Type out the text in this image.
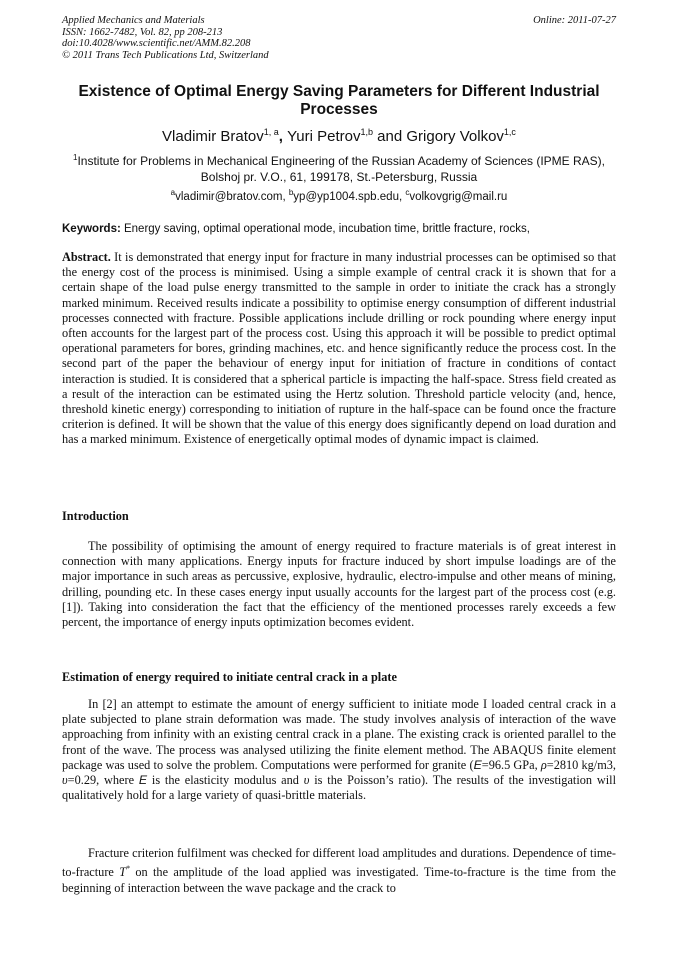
Applied Mechanics and Materials
ISSN: 1662-7482, Vol. 82, pp 208-213
doi:10.4028/www.scientific.net/AMM.82.208
© 2011 Trans Tech Publications Ltd, Switzerland
Online: 2011-07-27
Existence of Optimal Energy Saving Parameters for Different Industrial Processes
Vladimir Bratov$^{1, a}$, Yuri Petrov$^{1,b}$ and Grigory Volkov$^{1,c}$
$^1$Institute for Problems in Mechanical Engineering of the Russian Academy of Sciences (IPME RAS), Bolshoj pr. V.O., 61, 199178, St.-Petersburg, Russia
$^a$vladimir@bratov.com, $^b$yp@yp1004.spb.edu, $^c$volkovgrig@mail.ru
Keywords: Energy saving, optimal operational mode, incubation time, brittle fracture, rocks,
Abstract. It is demonstrated that energy input for fracture in many industrial processes can be optimised so that the energy cost of the process is minimised. Using a simple example of central crack it is shown that for a certain shape of the load pulse energy transmitted to the sample in order to initiate the crack has a strongly marked minimum. Received results indicate a possibility to optimise energy consumption of different industrial processes connected with fracture. Possible applications include drilling or rock pounding where energy input often accounts for the largest part of the process cost. Using this approach it will be possible to predict optimal operational parameters for bores, grinding machines, etc. and hence significantly reduce the process cost. In the second part of the paper the behaviour of energy input for initiation of fracture in conditions of contact interaction is studied. It is considered that a spherical particle is impacting the half-space. Stress field created as a result of the interaction can be estimated using the Hertz solution. Threshold particle velocity (and, hence, threshold kinetic energy) corresponding to initiation of rupture in the half-space can be found once the fracture criterion is defined. It will be shown that the value of this energy does significantly depend on load duration and has a marked minimum. Existence of energetically optimal modes of dynamic impact is claimed.
Introduction
The possibility of optimising the amount of energy required to fracture materials is of great interest in connection with many applications. Energy inputs for fracture induced by short impulse loadings are of the major importance in such areas as percussive, explosive, hydraulic, electro-impulse and other means of mining, drilling, pounding etc. In these cases energy input usually accounts for the largest part of the process cost (e.g. [1]). Taking into consideration the fact that the efficiency of the mentioned processes rarely exceeds a few percent, the importance of energy inputs optimization becomes evident.
Estimation of energy required to initiate central crack in a plate
In [2] an attempt to estimate the amount of energy sufficient to initiate mode I loaded central crack in a plate subjected to plane strain deformation was made. The study involves analysis of interaction of the wave approaching from infinity with an existing central crack in a plane. The existing crack is oriented parallel to the front of the wave. The process was analysed utilizing the finite element method. The ABAQUS finite element package was used to solve the problem. Computations were performed for granite (E=96.5 GPa, ρ=2810 kg/m3, υ=0.29, where E is the elasticity modulus and υ is the Poisson’s ratio). The results of the investigation will qualitatively hold for a large variety of quasi-brittle materials.
Fracture criterion fulfilment was checked for different load amplitudes and durations. Dependence of time-to-fracture T* on the amplitude of the load applied was investigated. Time-to-fracture is the time from the beginning of interaction between the wave package and the crack to
